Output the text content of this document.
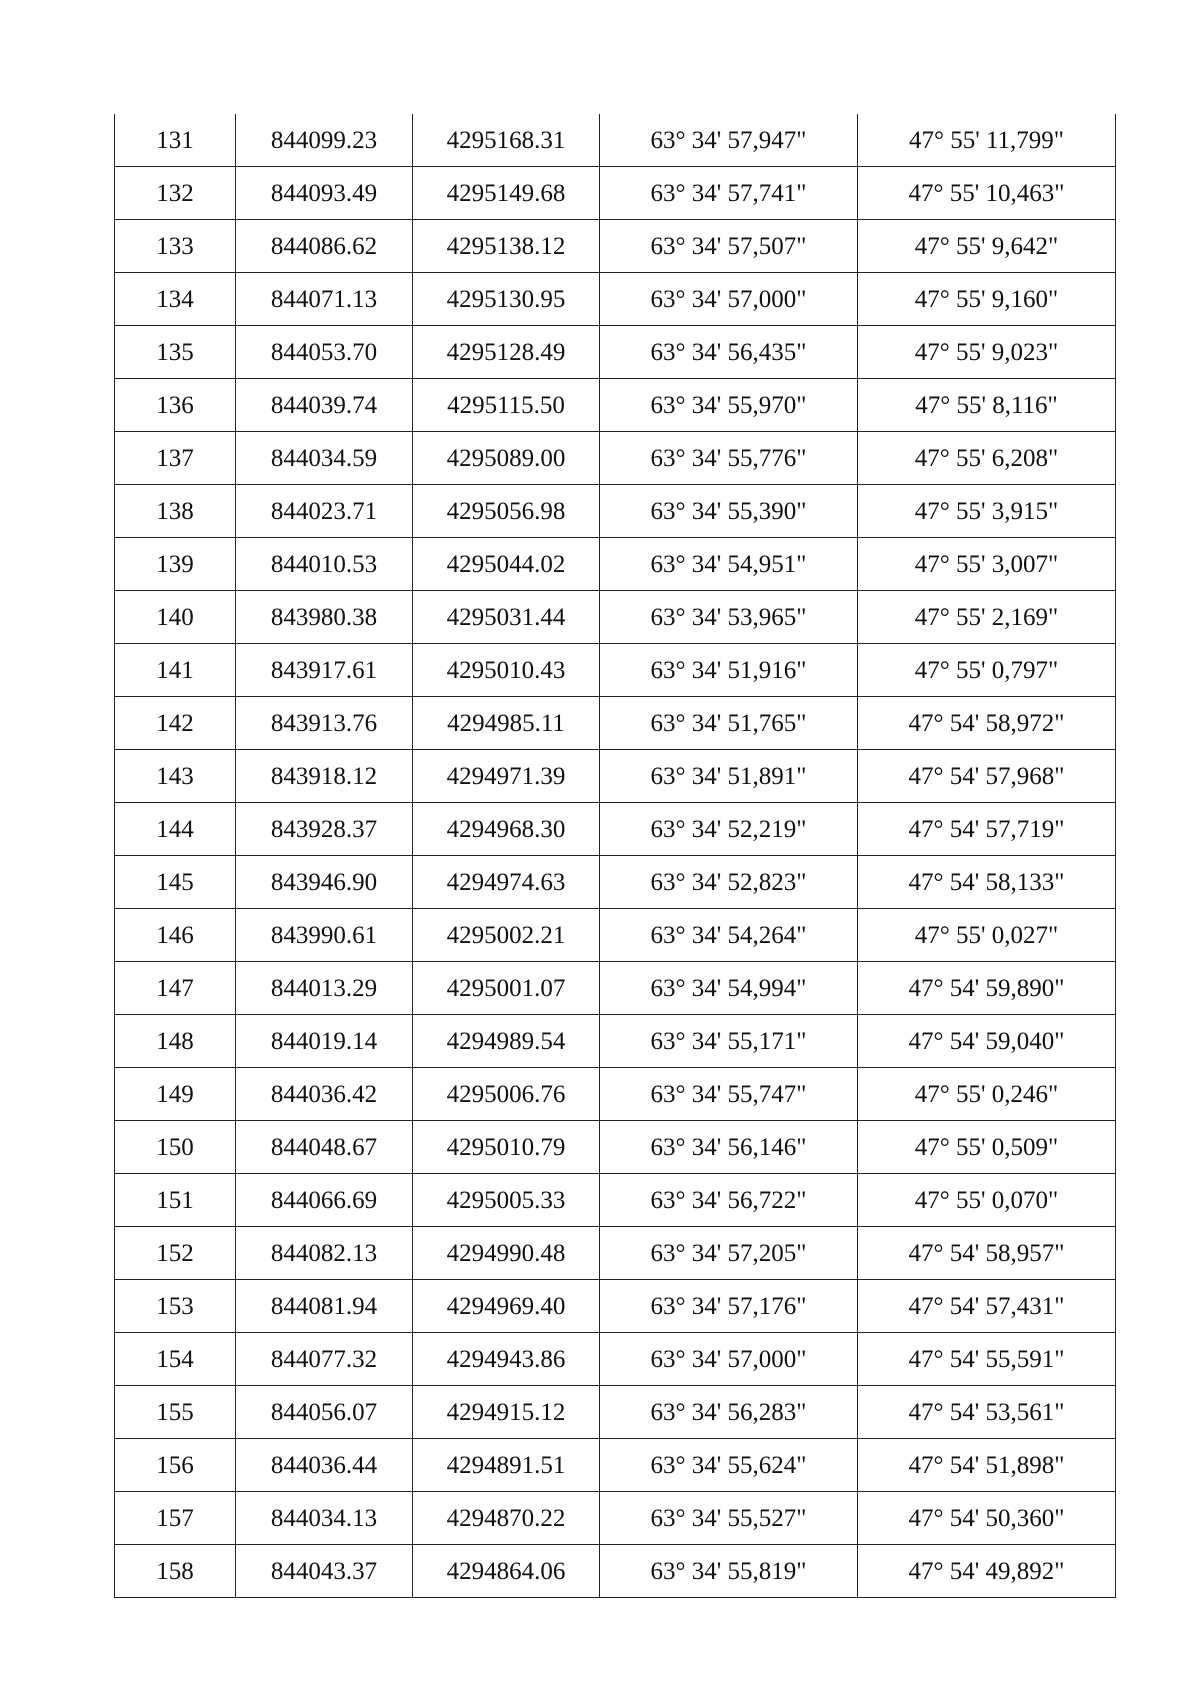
131	844099.23	4295168.31	63° 34' 57,947"	47° 55' 11,799"
132	844093.49	4295149.68	63° 34' 57,741"	47° 55' 10,463"
133	844086.62	4295138.12	63° 34' 57,507"	47° 55' 9,642"
134	844071.13	4295130.95	63° 34' 57,000"	47° 55' 9,160"
135	844053.70	4295128.49	63° 34' 56,435"	47° 55' 9,023"
136	844039.74	4295115.50	63° 34' 55,970"	47° 55' 8,116"
137	844034.59	4295089.00	63° 34' 55,776"	47° 55' 6,208"
138	844023.71	4295056.98	63° 34' 55,390"	47° 55' 3,915"
139	844010.53	4295044.02	63° 34' 54,951"	47° 55' 3,007"
140	843980.38	4295031.44	63° 34' 53,965"	47° 55' 2,169"
141	843917.61	4295010.43	63° 34' 51,916"	47° 55' 0,797"
142	843913.76	4294985.11	63° 34' 51,765"	47° 54' 58,972"
143	843918.12	4294971.39	63° 34' 51,891"	47° 54' 57,968"
144	843928.37	4294968.30	63° 34' 52,219"	47° 54' 57,719"
145	843946.90	4294974.63	63° 34' 52,823"	47° 54' 58,133"
146	843990.61	4295002.21	63° 34' 54,264"	47° 55' 0,027"
147	844013.29	4295001.07	63° 34' 54,994"	47° 54' 59,890"
148	844019.14	4294989.54	63° 34' 55,171"	47° 54' 59,040"
149	844036.42	4295006.76	63° 34' 55,747"	47° 55' 0,246"
150	844048.67	4295010.79	63° 34' 56,146"	47° 55' 0,509"
151	844066.69	4295005.33	63° 34' 56,722"	47° 55' 0,070"
152	844082.13	4294990.48	63° 34' 57,205"	47° 54' 58,957"
153	844081.94	4294969.40	63° 34' 57,176"	47° 54' 57,431"
154	844077.32	4294943.86	63° 34' 57,000"	47° 54' 55,591"
155	844056.07	4294915.12	63° 34' 56,283"	47° 54' 53,561"
156	844036.44	4294891.51	63° 34' 55,624"	47° 54' 51,898"
157	844034.13	4294870.22	63° 34' 55,527"	47° 54' 50,360"
158	844043.37	4294864.06	63° 34' 55,819"	47° 54' 49,892"
